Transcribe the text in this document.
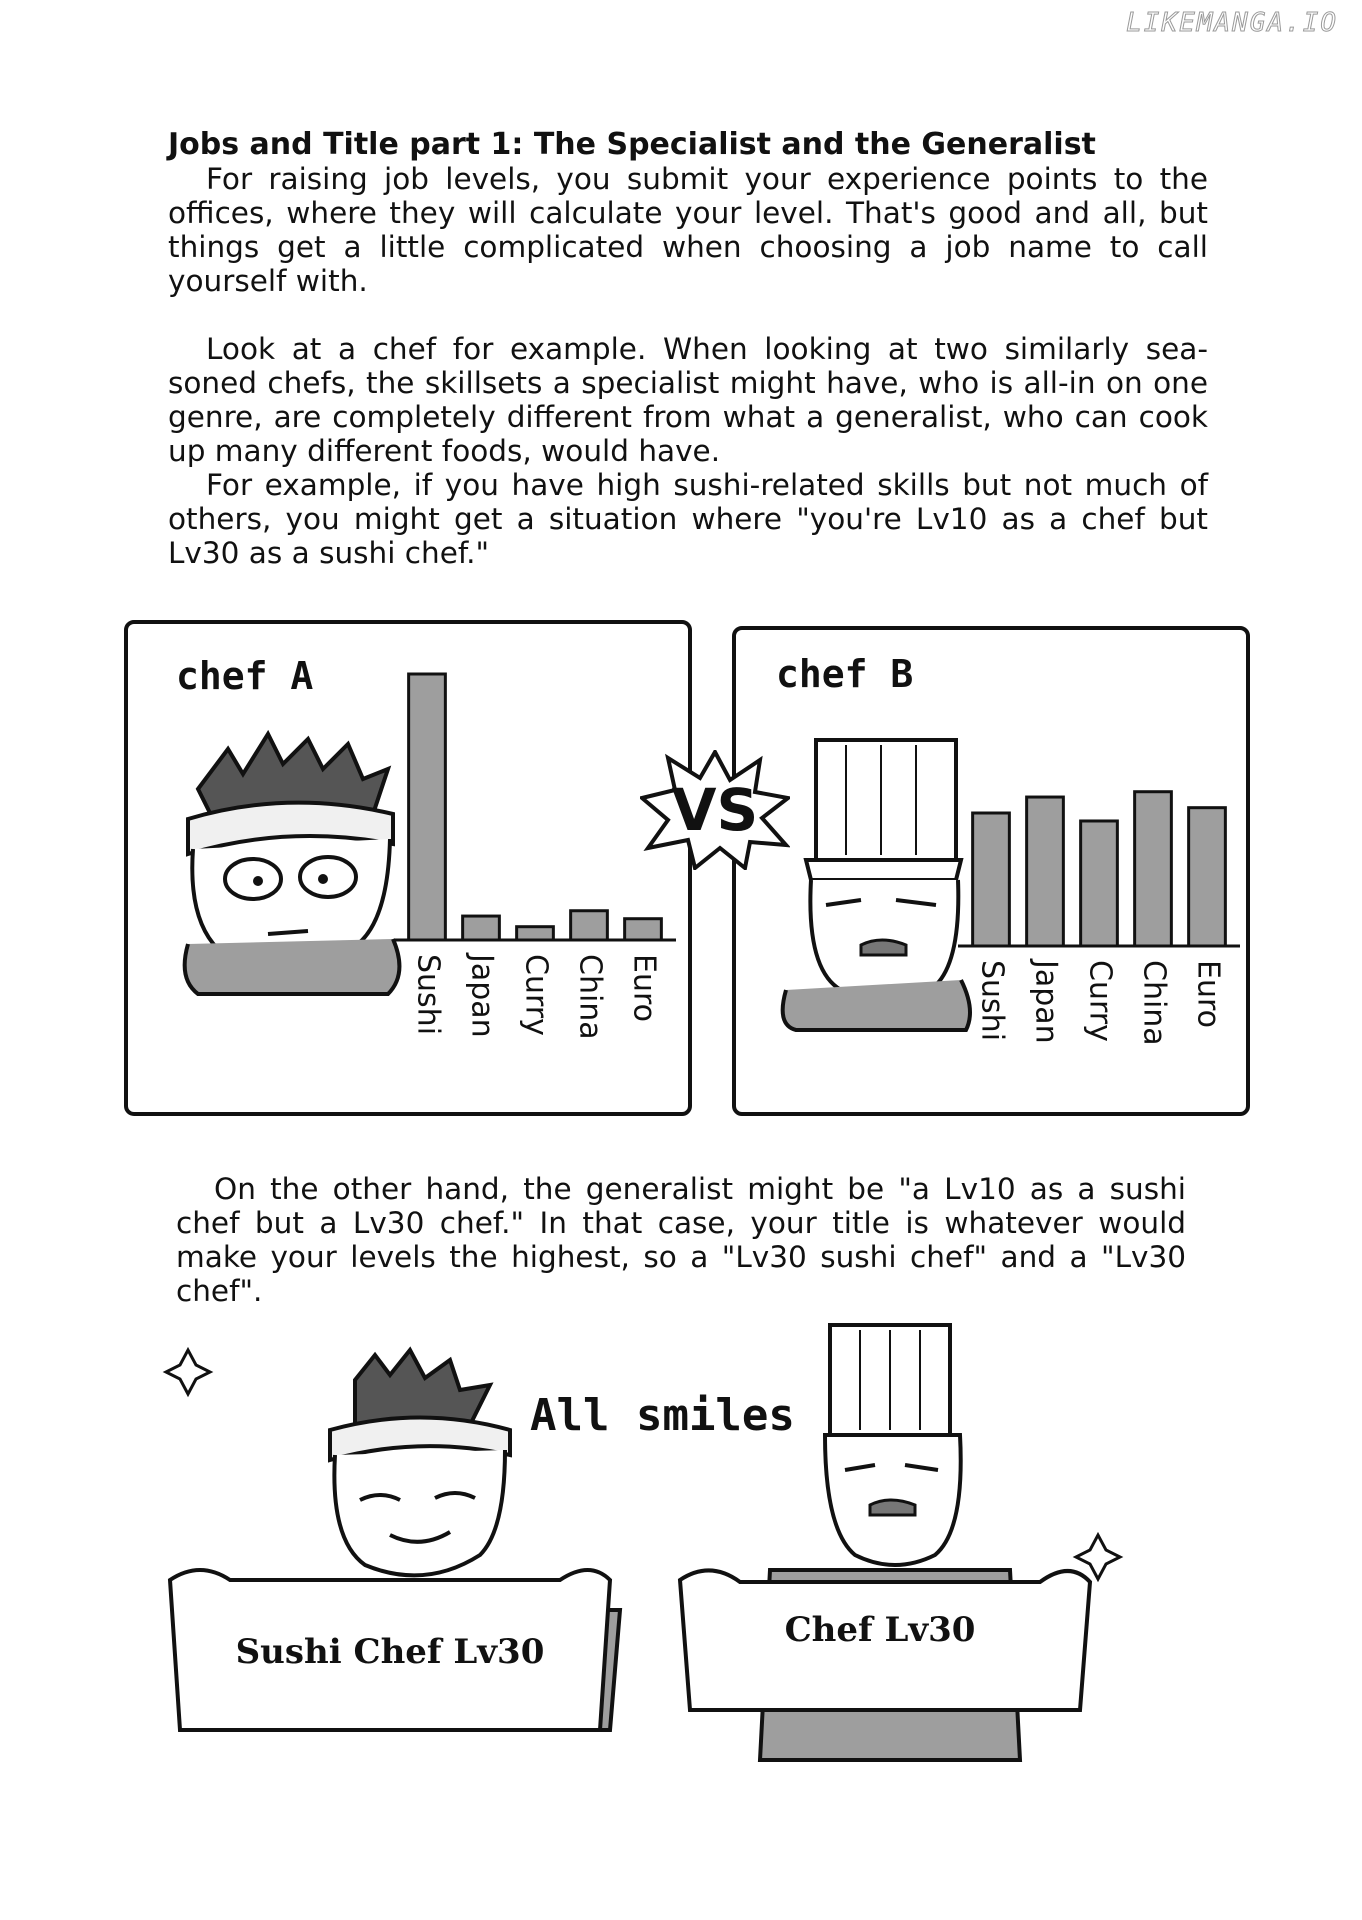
LIKEMANGA.IO
Jobs and Title part 1: The Specialist and the Generalist

For raising job levels, you submit your experience points to the offices, where they will calculate your level. That's good and all, but things get a little complicated when choosing a job name to call yourself with.

Look at a chef for example. When looking at two similarly sea-soned chefs, the skillsets a specialist might have, who is all-in on one genre, are completely different from what a generalist, who can cook up many different foods, would have.

For example, if you have high sushi-related skills but not much of others, you might get a situation where "you're Lv10 as a chef but Lv30 as a sushi chef."

chef A
Sushi Japan Curry China Euro
chef B
Sushi Japan Curry China Euro
VS

On the other hand, the generalist might be "a Lv10 as a sushi chef but a Lv30 chef." In that case, your title is whatever would make your levels the highest, so a "Lv30 sushi chef" and a "Lv30 chef".

All smiles
Sushi Chef Lv30
Chef Lv30
